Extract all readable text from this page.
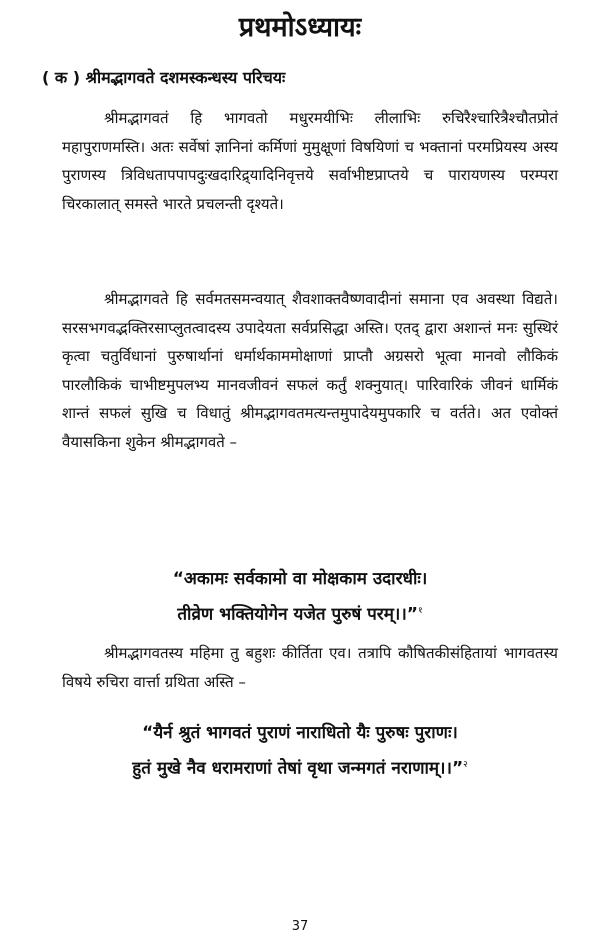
प्रथमोऽध्यायः
( क ) श्रीमद्भागवते दशमस्कन्धस्य परिचयः

श्रीमद्भागवतं हि भागवतो मधुरमयीभिः लीलाभिः रुचिरैश्चारित्रैश्चौतप्रोतं महापुराणमस्ति। अतः सर्वेषां ज्ञानिनां कर्मिणां मुमुक्षूणां विषयिणां च भक्तानां परमप्रियस्य अस्य पुराणस्य त्रिविधतापपापदुःखदारिद्र्यादिनिवृत्तये सर्वाभीष्टप्राप्तये च पारायणस्य परम्परा चिरकालात् समस्ते भारते प्रचलन्ती दृश्यते।

श्रीमद्भागवते हि सर्वमतसमन्वयात् शैवशाक्तवैष्णवादीनां समाना एव अवस्था विद्यते। सरसभगवद्भक्तिरसाप्लुतत्वादस्य उपादेयता सर्वप्रसिद्धा अस्ति। एतद् द्वारा अशान्तं मनः सुस्थिरं कृत्वा चतुर्विधानां पुरुषार्थानां धर्मार्थकाममोक्षाणां प्राप्तौ अग्रसरो भूत्वा मानवो लौकिकं पारलौकिकं चाभीष्टमुपलभ्य मानवजीवनं सफलं कर्तुं शक्नुयात्। पारिवारिकं जीवनं धार्मिकं शान्तं सफलं सुखि च विधातुं श्रीमद्भागवतमत्यन्तमुपादेयमुपकारि च वर्तते। अत एवोक्तं वैयासकिना शुकेन श्रीमद्भागवते –

“अकामः सर्वकामो वा मोक्षकाम उदारधीः।
तीव्रेण भक्तियोगेन यजेत पुरुषं परम्।।”$^१$

श्रीमद्भागवतस्य महिमा तु बहुशः कीर्तिता एव। तत्रापि कौषितकीसंहितायां भागवतस्य विषये रुचिरा वार्त्ता ग्रथिता अस्ति –

“यैर्न श्रुतं भागवतं पुराणं नाराधितो यैः पुरुषः पुराणः।
हुतं मुखे नैव धरामराणां तेषां वृथा जन्मगतं नराणाम्।।”$^२$
37
